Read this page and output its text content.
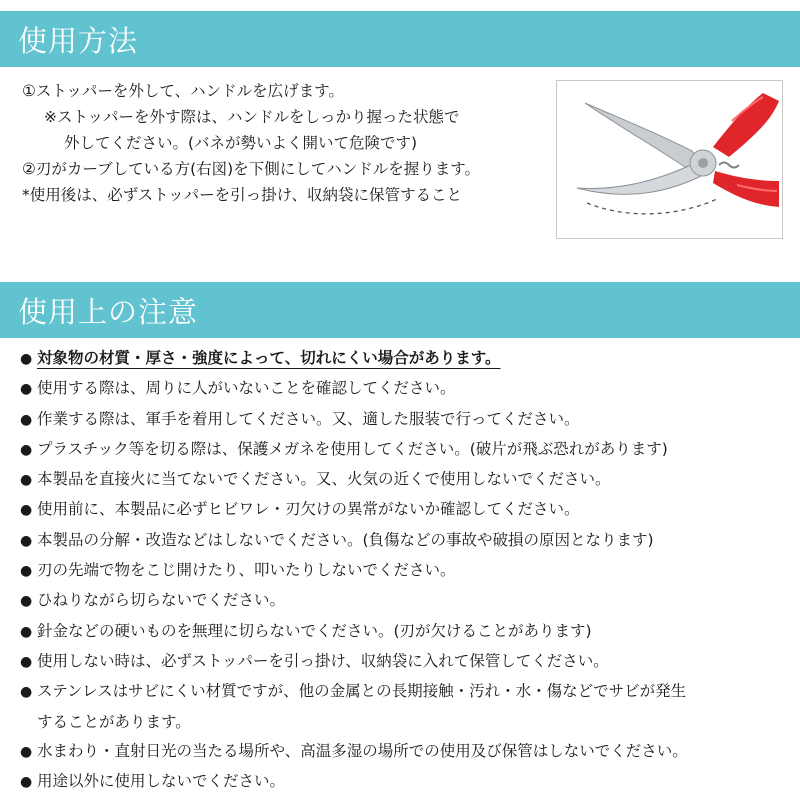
使用方法
①ストッパーを外して、ハンドルを広げます。
※ストッパーを外す際は、ハンドルをしっかり握った状態で
外してください。(バネが勢いよく開いて危険です)
②刃がカーブしている方(右図)を下側にしてハンドルを握ります。
*使用後は、必ずストッパーを引っ掛け、収納袋に保管すること
使用上の注意
● 対象物の材質・厚さ・強度によって、切れにくい場合があります。
● 使用する際は、周りに人がいないことを確認してください。
● 作業する際は、軍手を着用してください。又、適した服装で行ってください。
● プラスチック等を切る際は、保護メガネを使用してください。(破片が飛ぶ恐れがあります)
● 本製品を直接火に当てないでください。又、火気の近くで使用しないでください。
● 使用前に、本製品に必ずヒビワレ・刃欠けの異常がないか確認してください。
● 本製品の分解・改造などはしないでください。(負傷などの事故や破損の原因となります)
● 刃の先端で物をこじ開けたり、叩いたりしないでください。
● ひねりながら切らないでください。
● 針金などの硬いものを無理に切らないでください。(刃が欠けることがあります)
● 使用しない時は、必ずストッパーを引っ掛け、収納袋に入れて保管してください。
● ステンレスはサビにくい材質ですが、他の金属との長期接触・汚れ・水・傷などでサビが発生
することがあります。
● 水まわり・直射日光の当たる場所や、高温多湿の場所での使用及び保管はしないでください。
● 用途以外に使用しないでください。
